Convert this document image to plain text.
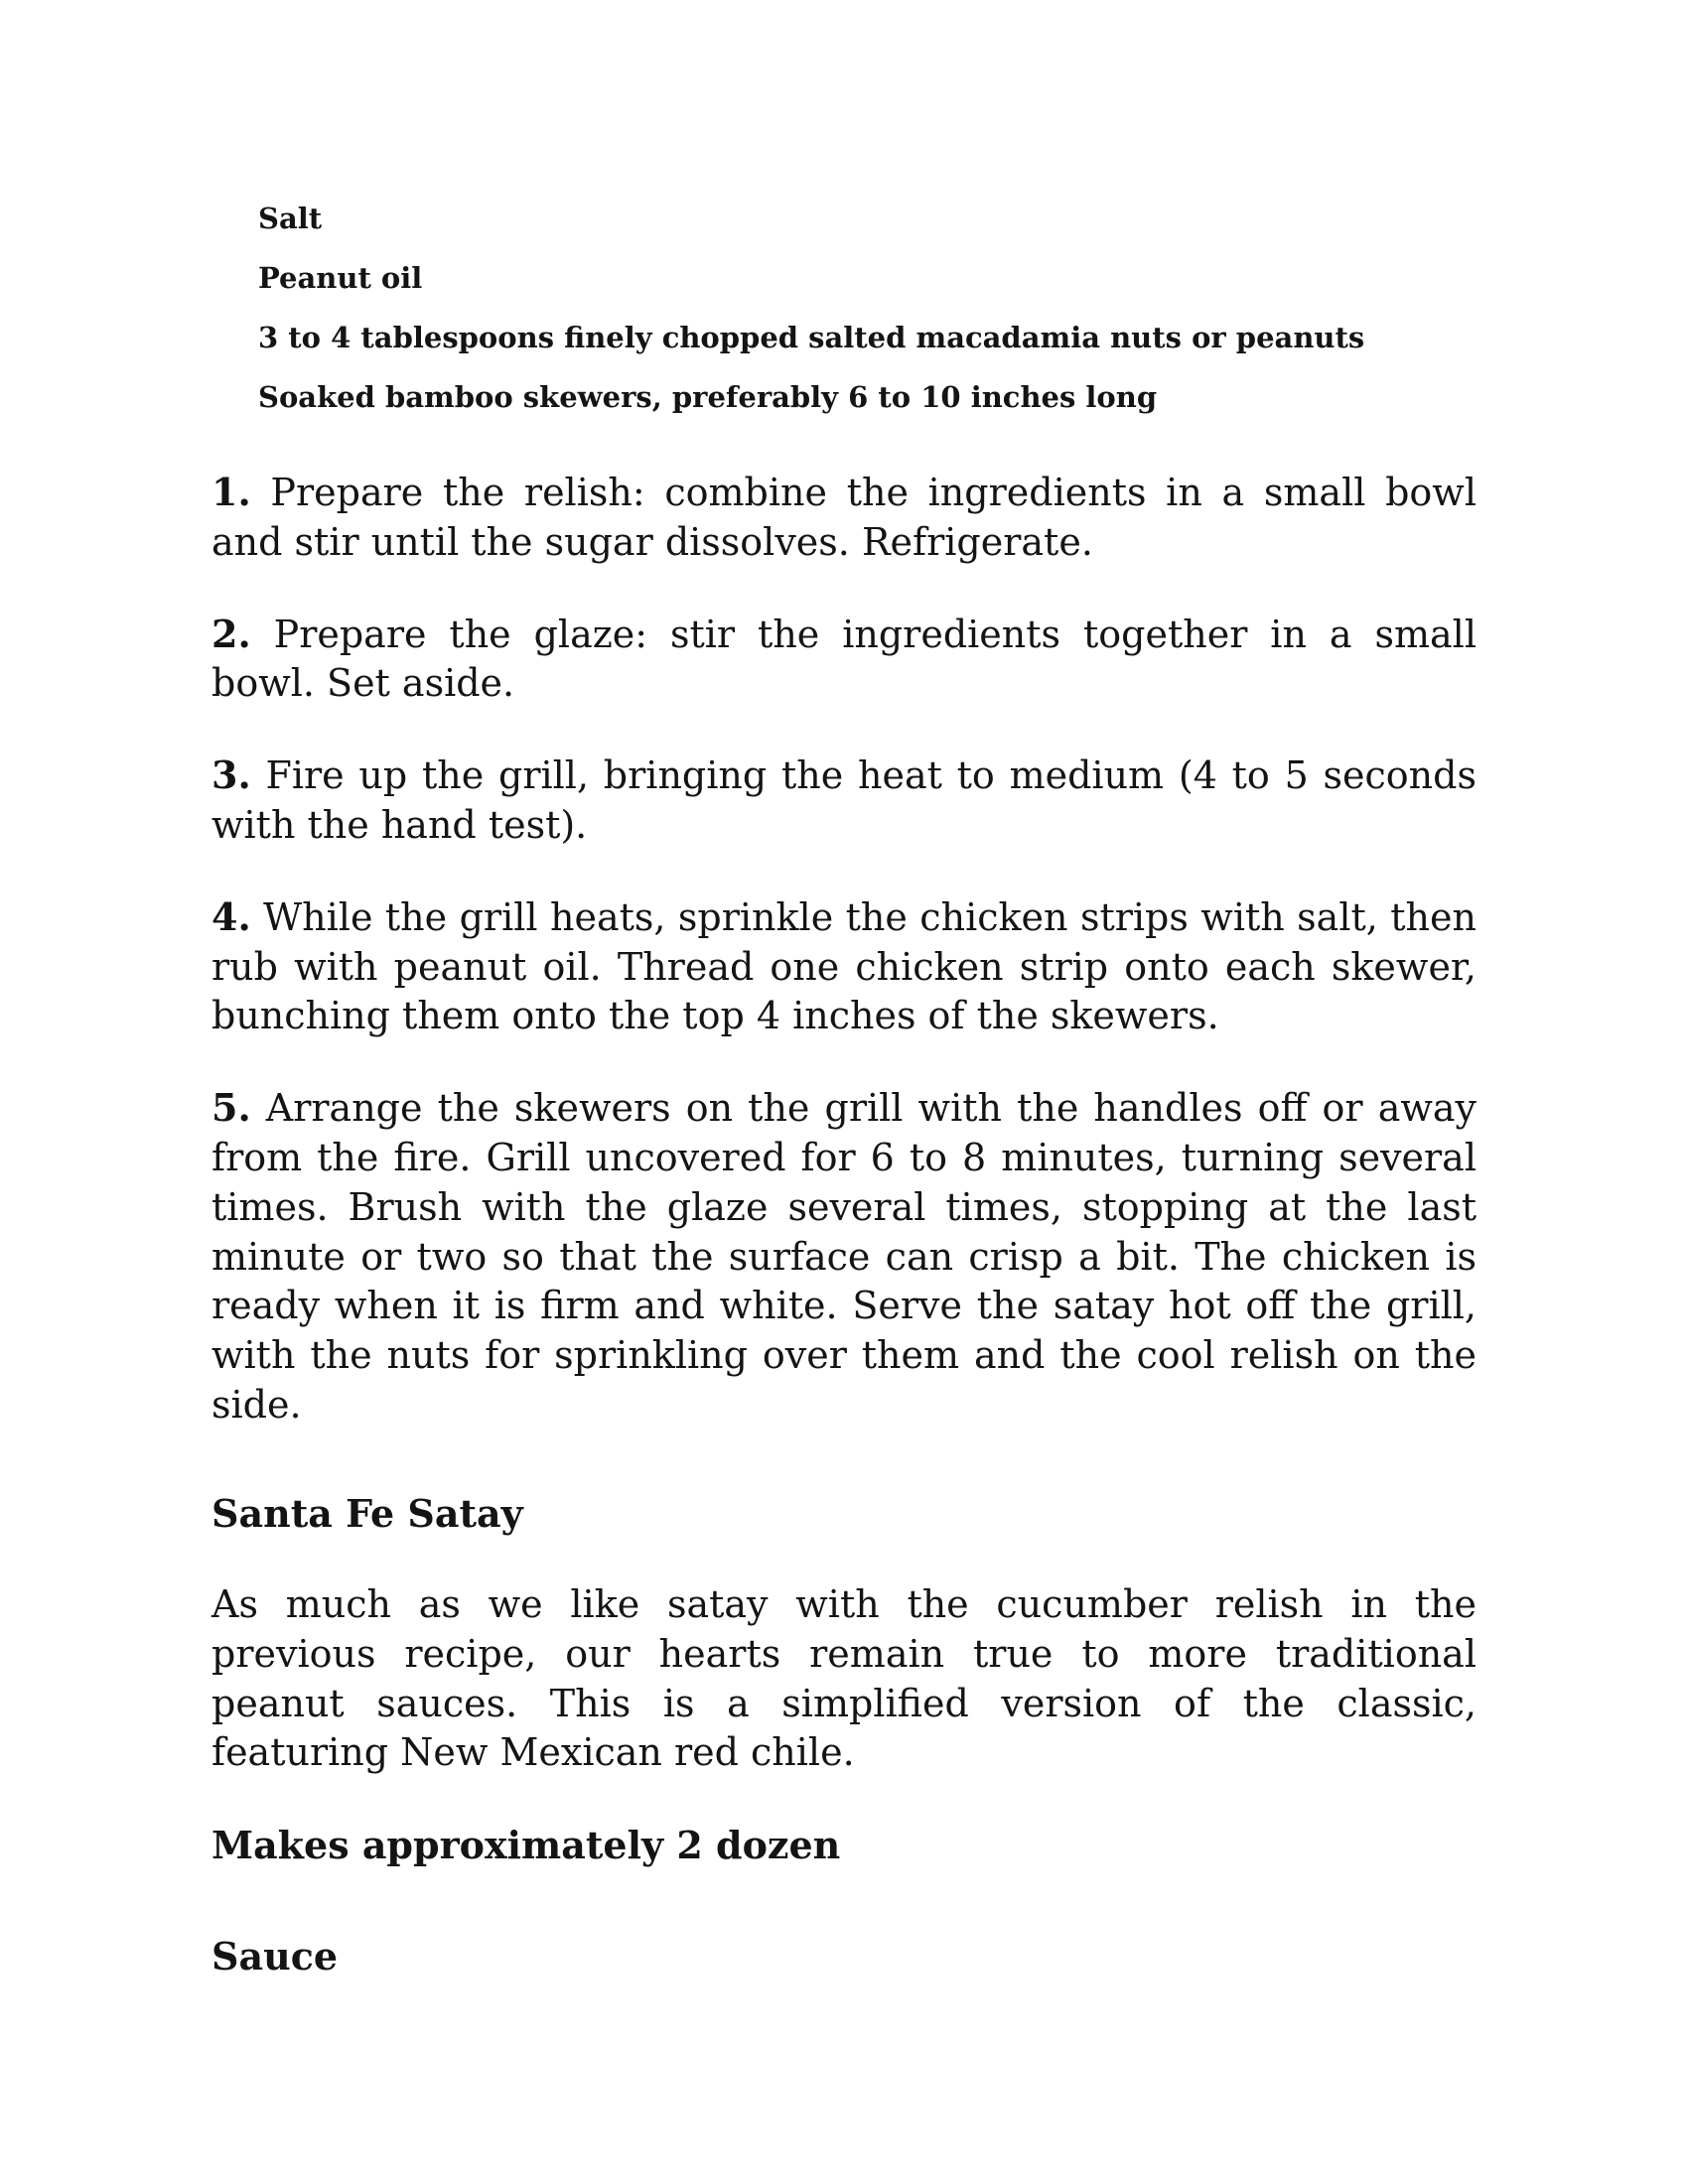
Salt

Peanut oil

3 to 4 tablespoons finely chopped salted macadamia nuts or peanuts

Soaked bamboo skewers, preferably 6 to 10 inches long

1. Prepare the relish: combine the ingredients in a small bowl and stir until the sugar dissolves. Refrigerate.

2. Prepare the glaze: stir the ingredients together in a small bowl. Set aside.

3. Fire up the grill, bringing the heat to medium (4 to 5 seconds with the hand test).

4. While the grill heats, sprinkle the chicken strips with salt, then rub with peanut oil. Thread one chicken strip onto each skewer, bunching them onto the top 4 inches of the skewers.

5. Arrange the skewers on the grill with the handles off or away from the fire. Grill uncovered for 6 to 8 minutes, turning several times. Brush with the glaze several times, stopping at the last minute or two so that the surface can crisp a bit. The chicken is ready when it is firm and white. Serve the satay hot off the grill, with the nuts for sprinkling over them and the cool relish on the side.

Santa Fe Satay

As much as we like satay with the cucumber relish in the previous recipe, our hearts remain true to more traditional peanut sauces. This is a simplified version of the classic, featuring New Mexican red chile.

Makes approximately 2 dozen

Sauce
